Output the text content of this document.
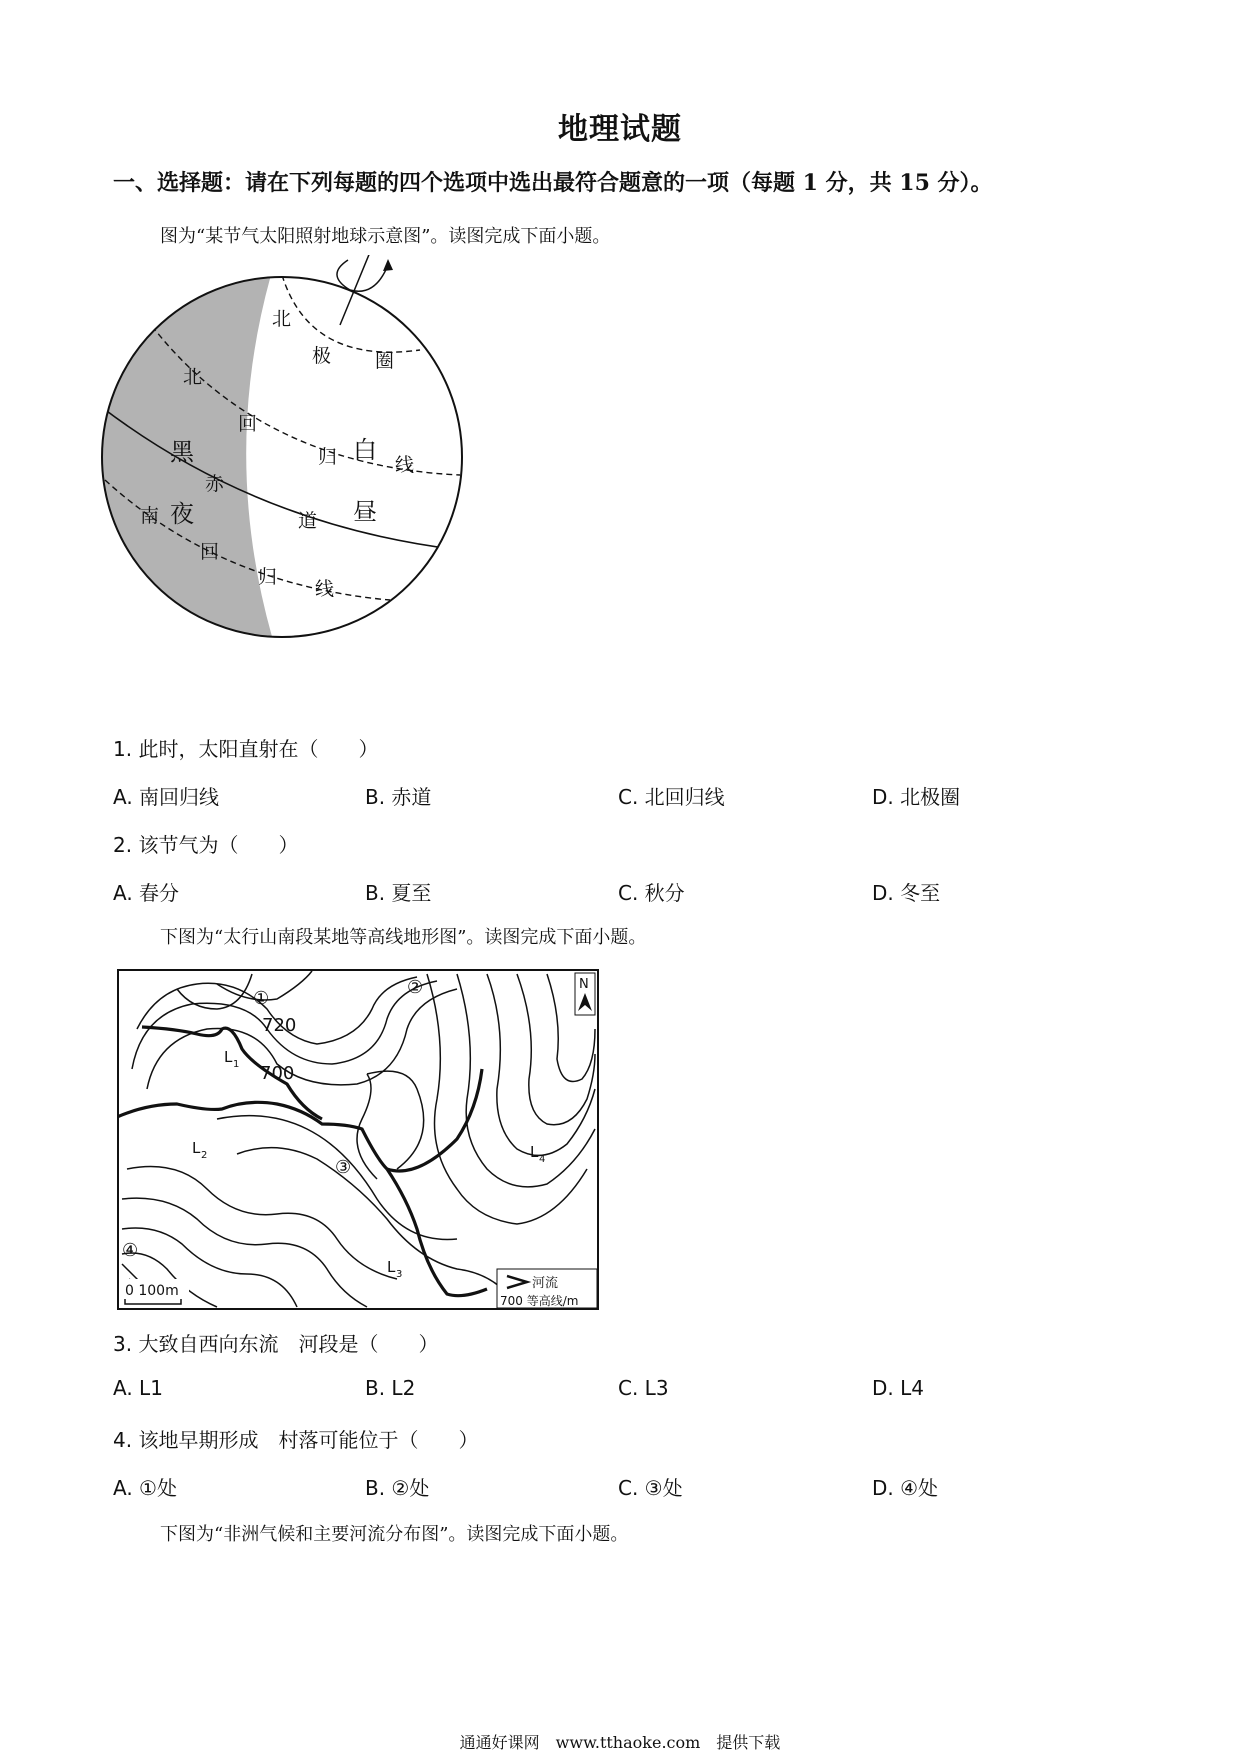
地理试题
一、选择题：请在下列每题的四个选项中选出最符合题意的一项（每题 1 分，共 15 分）。
图为“某节气太阳照射地球示意图”。读图完成下面小题。
北
极 圈
北
回
归	线
黑
夜
赤
道
白
昼
南
回
归
线
1. 此时，太阳直射在（　　）
A. 南回归线	B. 赤道	C. 北回归线	D. 北极圈
2. 该节气为（　　）
A. 春分	B. 夏至	C. 秋分	D. 冬至
下图为“太行山南段某地等高线地形图”。读图完成下面小题。
720
700
①
②
③
④
L 1
L 2
L 3
L 4
N
0 100m	河流
700 等高线/m
3. 大致自西向东流　河段是（　　）
A. L1	B. L2	C. L3	D. L4
4. 该地早期形成　村落可能位于（　　）
A. ①处	B. ②处	C. ③处	D. ④处
下图为“非洲气候和主要河流分布图”。读图完成下面小题。
通通好课网　www.tthaoke.com　提供下载
